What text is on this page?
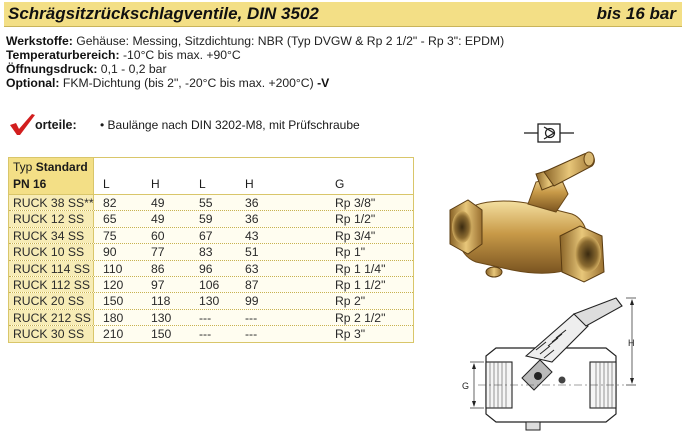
Schrägsitzrückschlagventile, DIN 3502	bis 16 bar
Werkstoffe: Gehäuse: Messing, Sitzdichtung: NBR (Typ DVGW & Rp 2 1/2" - Rp 3": EPDM)
Temperaturbereich: -10°C bis max. +90°C
Öffnungsdruck: 0,1 - 0,2 bar
Optional: FKM-Dichtung (bis 2", -20°C bis max. +200°C) -V
orteile: • Baulänge nach DIN 3202-M8, mit Prüfschraube
Typ Standard
PN 16	L	H	L	H	G
RUCK 38 SS** 82	49	55	36	Rp 3/8"
RUCK 12 SS	65	49	59	36	Rp 1/2"
RUCK 34 SS	75	60	67	43	Rp 3/4"
RUCK 10 SS	90	77	83	51	Rp 1"
RUCK 114 SS 110 86	96	63	Rp 1 1/4"
RUCK 112 SS 120 97	106 87	Rp 1 1/2"
RUCK 20 SS	150 118 130 99	Rp 2"
RUCK 212 SS 180 130 ---	---	Rp 2 1/2"
RUCK 30 SS	210 150 ---	---	Rp 3"
H
G
